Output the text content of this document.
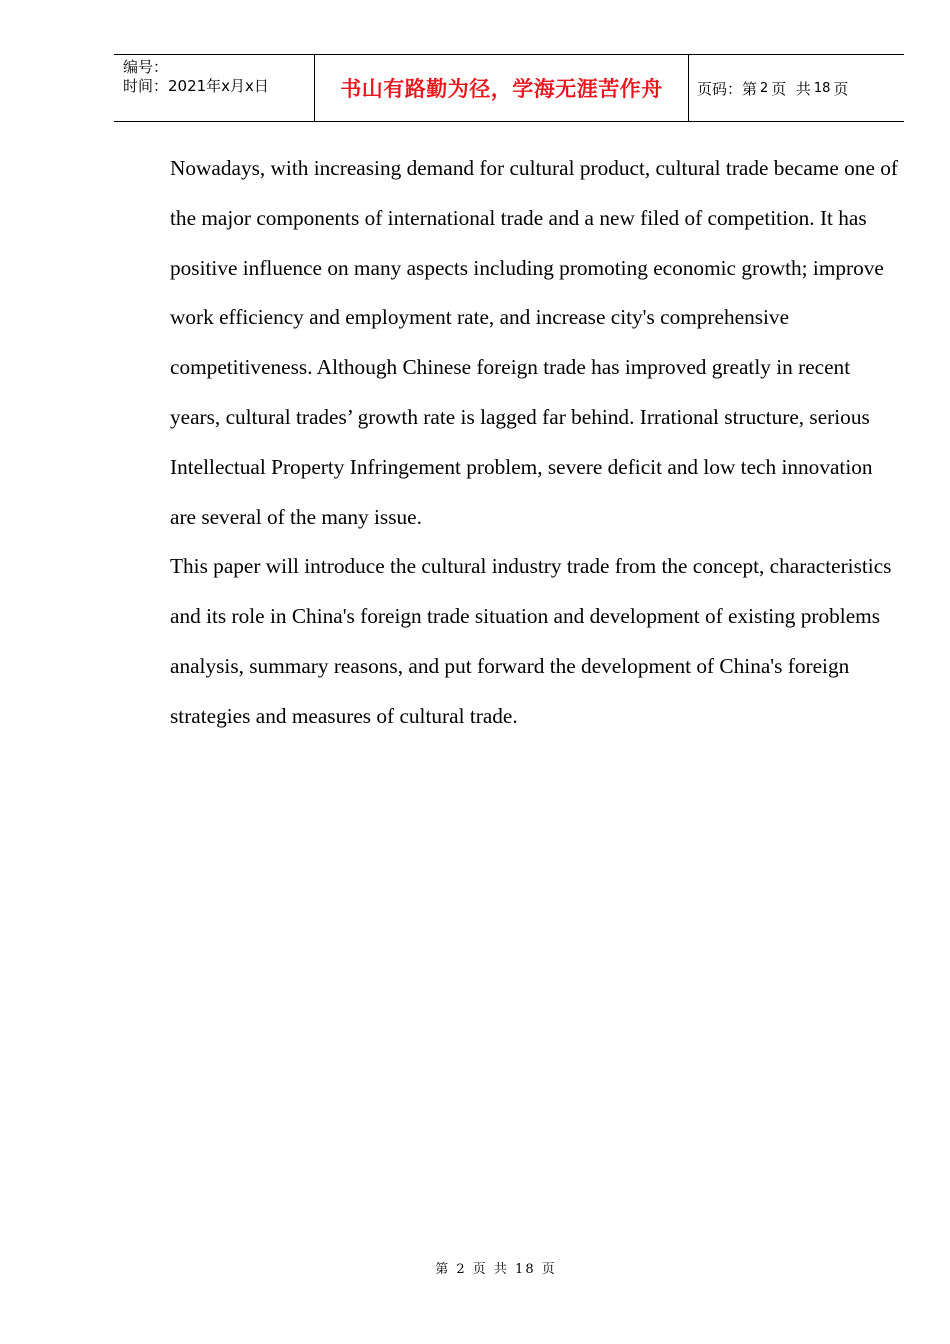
编号：
时间：2021年x月x日	书山有路勤为径，学海无涯苦作舟 页码：第 2 页  共 18 页

Nowadays, with increasing demand for cultural product, cultural trade became one of the major components of international trade and a new filed of competition. It has positive influence on many aspects including promoting economic growth; improve work efficiency and employment rate, and increase city's comprehensive competitiveness. Although Chinese foreign trade has improved greatly in recent years, cultural trades’ growth rate is lagged far behind. Irrational structure, serious Intellectual Property Infringement problem, severe deficit and low tech innovation are several of the many issue.

This paper will introduce the cultural industry trade from the concept, characteristics and its role in China's foreign trade situation and development of existing problems analysis, summary reasons, and put forward the development of China's foreign strategies and measures of cultural trade.

第 2 页 共 18 页
